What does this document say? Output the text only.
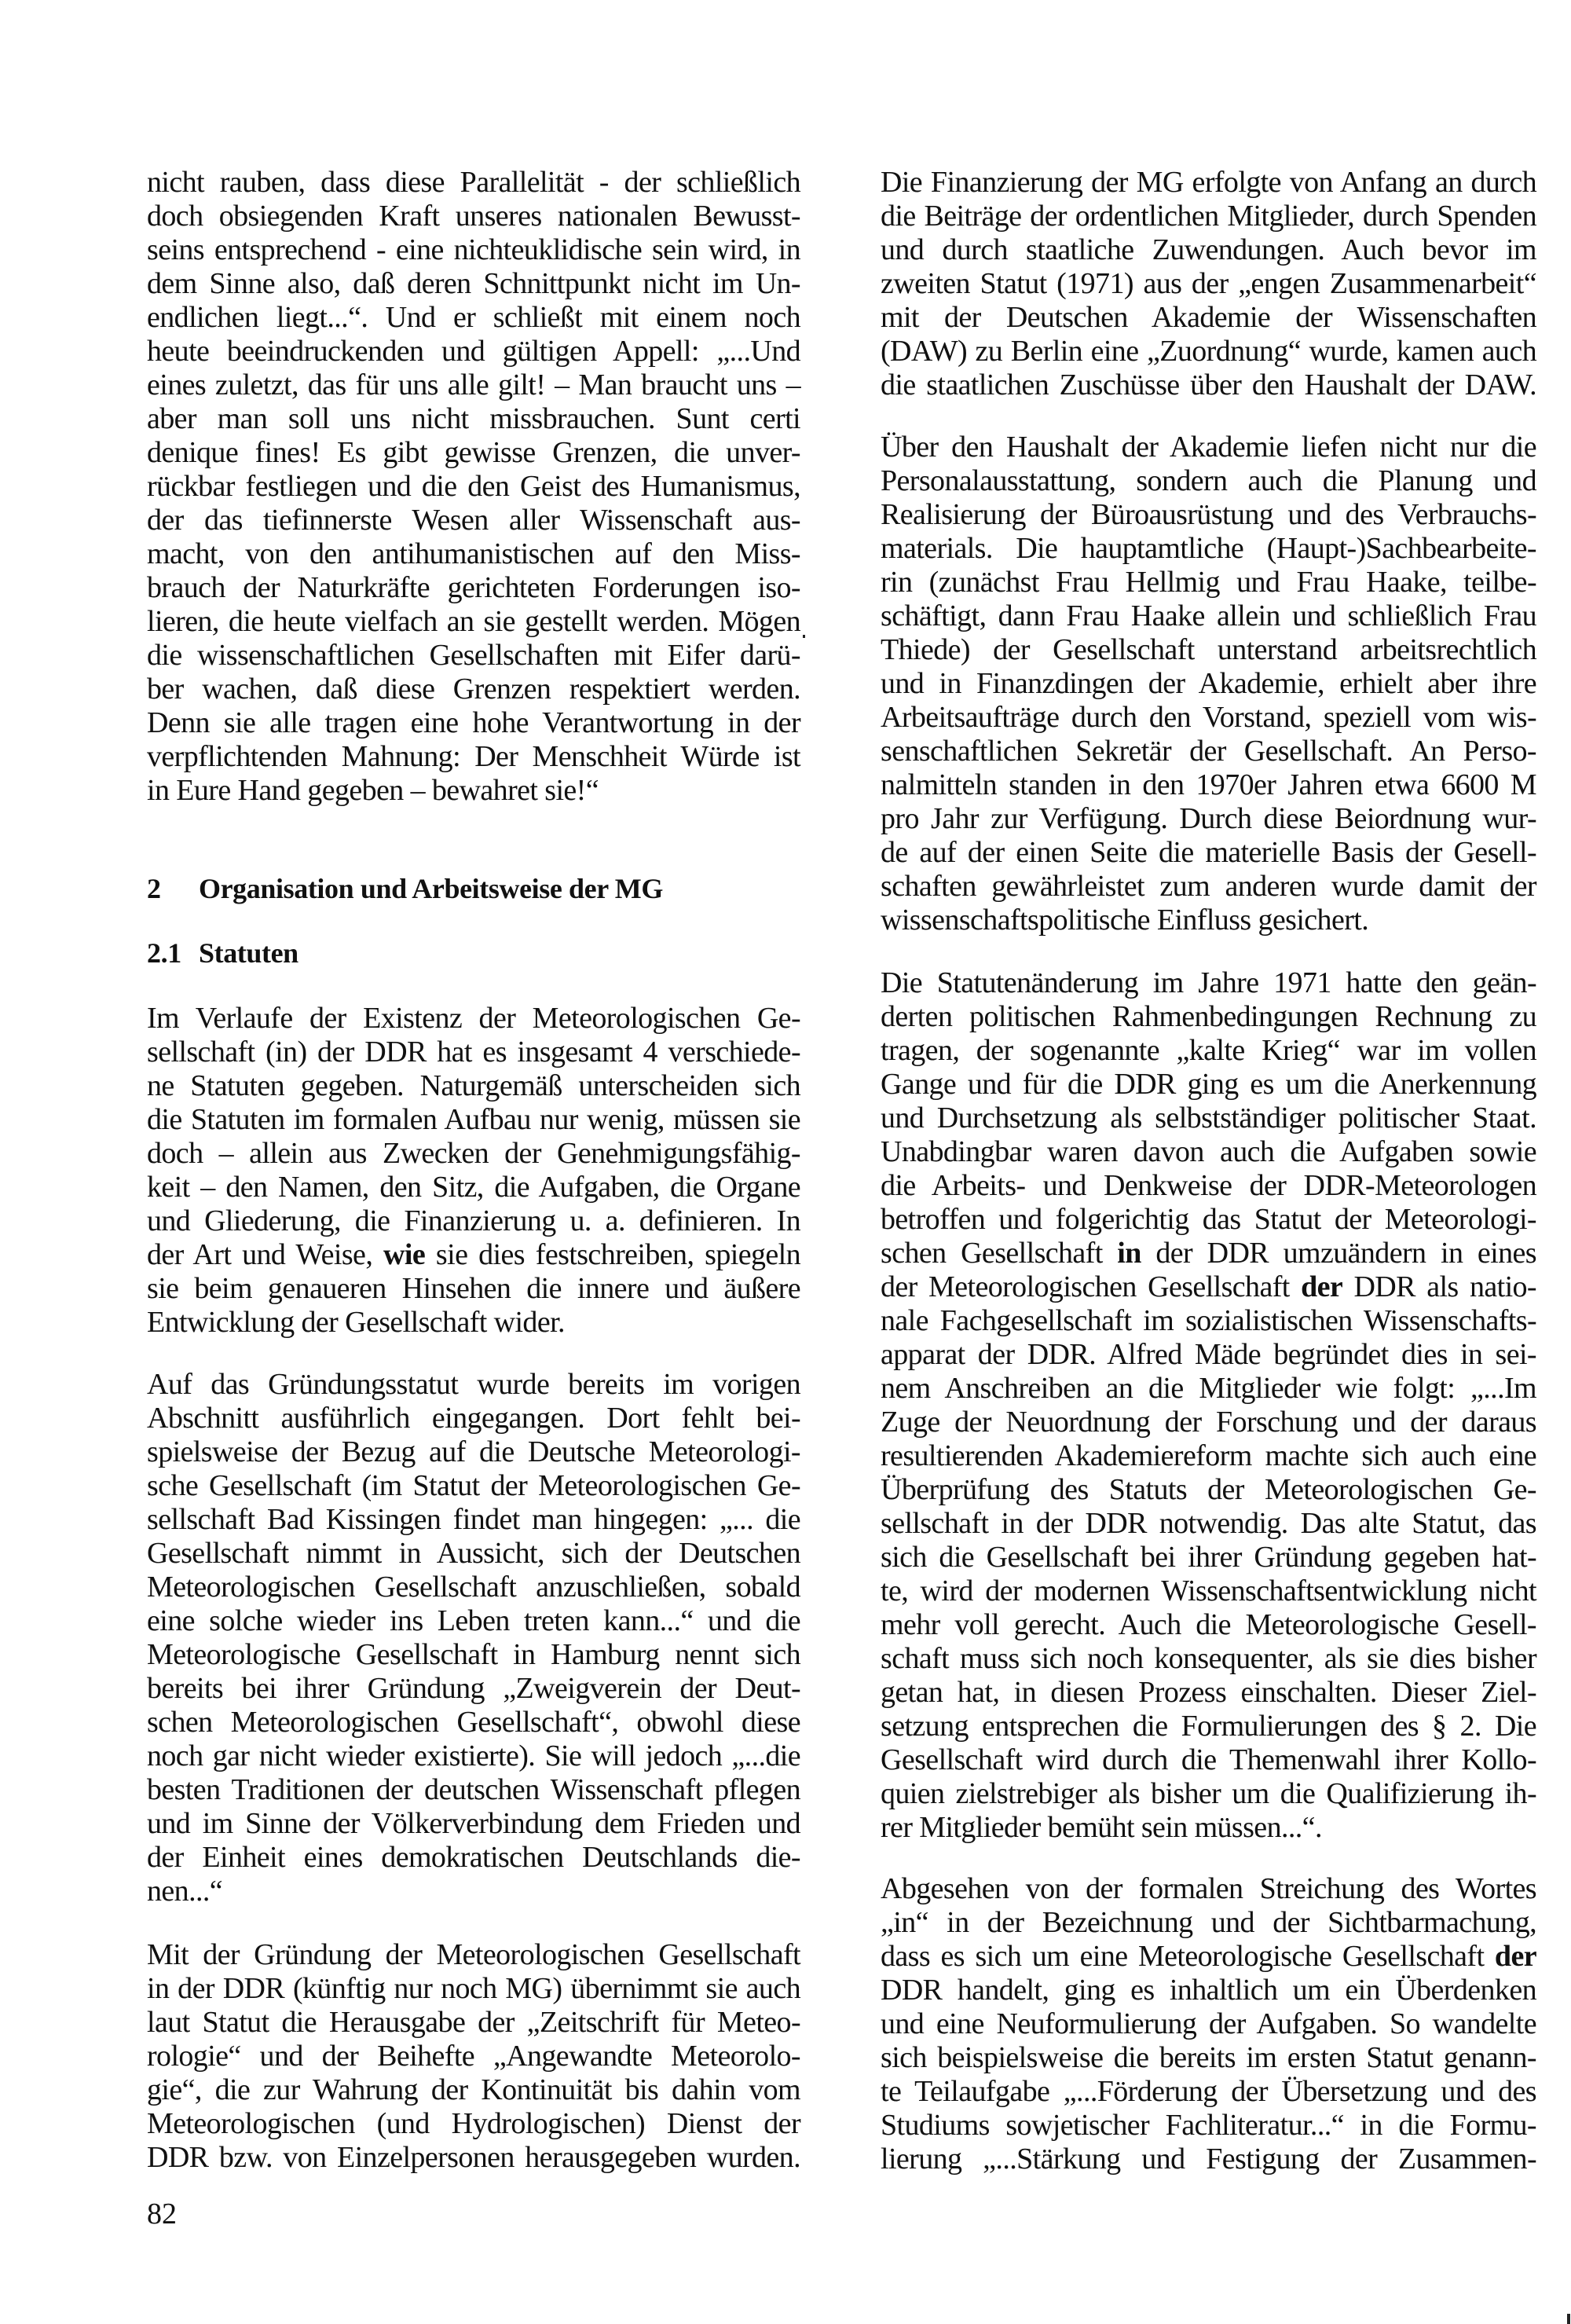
nicht rauben, dass diese Parallelität - der schließlich
doch obsiegenden Kraft unseres nationalen Bewusst-
seins entsprechend - eine nichteuklidische sein wird, in
dem Sinne also, daß deren Schnittpunkt nicht im Un-
endlichen liegt...“. Und er schließt mit einem noch
heute beeindruckenden und gültigen Appell: „...Und
eines zuletzt, das für uns alle gilt! – Man braucht uns –
aber man soll uns nicht missbrauchen. Sunt certi
denique fines! Es gibt gewisse Grenzen, die unver-
rückbar festliegen und die den Geist des Humanismus,
der das tiefinnerste Wesen aller Wissenschaft aus-
macht, von den antihumanistischen auf den Miss-
brauch der Naturkräfte gerichteten Forderungen iso-
lieren, die heute vielfach an sie gestellt werden. Mögen
die wissenschaftlichen Gesellschaften mit Eifer darü-
ber wachen, daß diese Grenzen respektiert werden.
Denn sie alle tragen eine hohe Verantwortung in der
verpflichtenden Mahnung: Der Menschheit Würde ist
in Eure Hand gegeben – bewahret sie!“
2 Organisation und Arbeitsweise der MG
2.1 Statuten
Im Verlaufe der Existenz der Meteorologischen Ge-
sellschaft (in) der DDR hat es insgesamt 4 verschiede-
ne Statuten gegeben. Naturgemäß unterscheiden sich
die Statuten im formalen Aufbau nur wenig, müssen sie
doch – allein aus Zwecken der Genehmigungsfähig-
keit – den Namen, den Sitz, die Aufgaben, die Organe
und Gliederung, die Finanzierung u. a. definieren. In
der Art und Weise, wie sie dies festschreiben, spiegeln
sie beim genaueren Hinsehen die innere und äußere
Entwicklung der Gesellschaft wider.
Auf das Gründungsstatut wurde bereits im vorigen
Abschnitt ausführlich eingegangen. Dort fehlt bei-
spielsweise der Bezug auf die Deutsche Meteorologi-
sche Gesellschaft (im Statut der Meteorologischen Ge-
sellschaft Bad Kissingen findet man hingegen: „... die
Gesellschaft nimmt in Aussicht, sich der Deutschen
Meteorologischen Gesellschaft anzuschließen, sobald
eine solche wieder ins Leben treten kann...“ und die
Meteorologische Gesellschaft in Hamburg nennt sich
bereits bei ihrer Gründung „Zweigverein der Deut-
schen Meteorologischen Gesellschaft“, obwohl diese
noch gar nicht wieder existierte). Sie will jedoch „...die
besten Traditionen der deutschen Wissenschaft pflegen
und im Sinne der Völkerverbindung dem Frieden und
der Einheit eines demokratischen Deutschlands die-
nen...“
Mit der Gründung der Meteorologischen Gesellschaft
in der DDR (künftig nur noch MG) übernimmt sie auch
laut Statut die Herausgabe der „Zeitschrift für Meteo-
rologie“ und der Beihefte „Angewandte Meteorolo-
gie“, die zur Wahrung der Kontinuität bis dahin vom
Meteorologischen (und Hydrologischen) Dienst der
DDR bzw. von Einzelpersonen herausgegeben wurden.
Die Finanzierung der MG erfolgte von Anfang an durch
die Beiträge der ordentlichen Mitglieder, durch Spenden
und durch staatliche Zuwendungen. Auch bevor im
zweiten Statut (1971) aus der „engen Zusammenarbeit“
mit der Deutschen Akademie der Wissenschaften
(DAW) zu Berlin eine „Zuordnung“ wurde, kamen auch
die staatlichen Zuschüsse über den Haushalt der DAW.
Über den Haushalt der Akademie liefen nicht nur die
Personalausstattung, sondern auch die Planung und
Realisierung der Büroausrüstung und des Verbrauchs-
materials. Die hauptamtliche (Haupt-)Sachbearbeite-
rin (zunächst Frau Hellmig und Frau Haake, teilbe-
schäftigt, dann Frau Haake allein und schließlich Frau
Thiede) der Gesellschaft unterstand arbeitsrechtlich
und in Finanzdingen der Akademie, erhielt aber ihre
Arbeitsaufträge durch den Vorstand, speziell vom wis-
senschaftlichen Sekretär der Gesellschaft. An Perso-
nalmitteln standen in den 1970er Jahren etwa 6600 M
pro Jahr zur Verfügung. Durch diese Beiordnung wur-
de auf der einen Seite die materielle Basis der Gesell-
schaften gewährleistet zum anderen wurde damit der
wissenschaftspolitische Einfluss gesichert.
Die Statutenänderung im Jahre 1971 hatte den geän-
derten politischen Rahmenbedingungen Rechnung zu
tragen, der sogenannte „kalte Krieg“ war im vollen
Gange und für die DDR ging es um die Anerkennung
und Durchsetzung als selbstständiger politischer Staat.
Unabdingbar waren davon auch die Aufgaben sowie
die Arbeits- und Denkweise der DDR-Meteorologen
betroffen und folgerichtig das Statut der Meteorologi-
schen Gesellschaft in der DDR umzuändern in eines
der Meteorologischen Gesellschaft der DDR als natio-
nale Fachgesellschaft im sozialistischen Wissenschafts-
apparat der DDR. Alfred Mäde begründet dies in sei-
nem Anschreiben an die Mitglieder wie folgt: „...Im
Zuge der Neuordnung der Forschung und der daraus
resultierenden Akademiereform machte sich auch eine
Überprüfung des Statuts der Meteorologischen Ge-
sellschaft in der DDR notwendig. Das alte Statut, das
sich die Gesellschaft bei ihrer Gründung gegeben hat-
te, wird der modernen Wissenschaftsentwicklung nicht
mehr voll gerecht. Auch die Meteorologische Gesell-
schaft muss sich noch konsequenter, als sie dies bisher
getan hat, in diesen Prozess einschalten. Dieser Ziel-
setzung entsprechen die Formulierungen des § 2. Die
Gesellschaft wird durch die Themenwahl ihrer Kollo-
quien zielstrebiger als bisher um die Qualifizierung ih-
rer Mitglieder bemüht sein müssen...“.
Abgesehen von der formalen Streichung des Wortes
„in“ in der Bezeichnung und der Sichtbarmachung,
dass es sich um eine Meteorologische Gesellschaft der
DDR handelt, ging es inhaltlich um ein Überdenken
und eine Neuformulierung der Aufgaben. So wandelte
sich beispielsweise die bereits im ersten Statut genann-
te Teilaufgabe „...Förderung der Übersetzung und des
Studiums sowjetischer Fachliteratur...“ in die Formu-
lierung „...Stärkung und Festigung der Zusammen-
82
